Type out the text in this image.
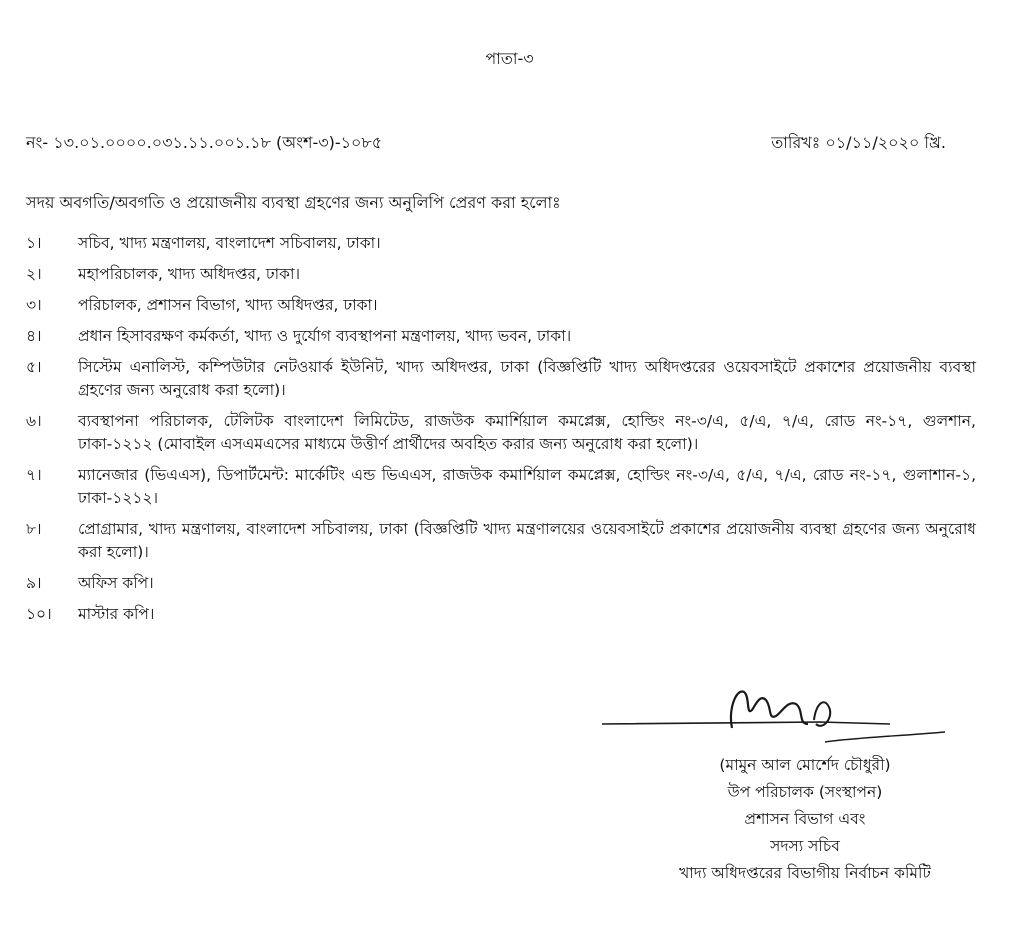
পাতা-৩
নং- ১৩.০১.০০০০.০৩১.১১.০০১.১৮ (অংশ-৩)-১০৮৫	তারিখঃ ০১/১১/২০২০ খ্রি.
সদয় অবগতি/অবগতি ও প্রয়োজনীয় ব্যবস্থা গ্রহণের জন্য অনুলিপি প্রেরণ করা হলোঃ
১।	সচিব, খাদ্য মন্ত্রণালয়, বাংলাদেশ সচিবালয়, ঢাকা।
২।	মহাপরিচালক, খাদ্য অধিদপ্তর, ঢাকা।
৩।	পরিচালক, প্রশাসন বিভাগ, খাদ্য অধিদপ্তর, ঢাকা।
৪।	প্রধান হিসাবরক্ষণ কর্মকর্তা, খাদ্য ও দুর্যোগ ব্যবস্থাপনা মন্ত্রণালয়, খাদ্য ভবন, ঢাকা।
৫।	সিস্টেম এনালিস্ট, কম্পিউটার নেটওয়ার্ক ইউনিট, খাদ্য অধিদপ্তর, ঢাকা (বিজ্ঞপ্তিটি খাদ্য অধিদপ্তরের ওয়েবসাইটে প্রকাশের প্রয়োজনীয় ব্যবস্থা গ্রহণের জন্য অনুরোধ করা হলো)।
৬।	ব্যবস্থাপনা পরিচালক, টেলিটক বাংলাদেশ লিমিটেড, রাজউক কমার্শিয়াল কমপ্লেক্স, হোল্ডিং নং-৩/এ, ৫/এ, ৭/এ, রোড নং-১৭, গুলশান, ঢাকা-১২১২ (মোবাইল এসএমএসের মাধ্যমে উত্তীর্ণ প্রার্থীদের অবহিত করার জন্য অনুরোধ করা হলো)।
৭।	ম্যানেজার (ভিএএস), ডিপার্টমেন্ট: মার্কেটিং এন্ড ভিএএস, রাজউক কমার্শিয়াল কমপ্লেক্স, হোল্ডিং নং-৩/এ, ৫/এ, ৭/এ, রোড নং-১৭, গুলাশান-১, ঢাকা-১২১২।
৮।	প্রোগ্রামার, খাদ্য মন্ত্রণালয়, বাংলাদেশ সচিবালয়, ঢাকা (বিজ্ঞপ্তিটি খাদ্য মন্ত্রণালয়ের ওয়েবসাইটে প্রকাশের প্রয়োজনীয় ব্যবস্থা গ্রহণের জন্য অনুরোধ করা হলো)।
৯।	অফিস কপি।
১০।	মাস্টার কপি।
(মামুন আল মোর্শেদ চৌধুরী)
উপ পরিচালক (সংস্থাপন)
প্রশাসন বিভাগ এবং
সদস্য সচিব
খাদ্য অধিদপ্তরের বিভাগীয় নির্বাচন কমিটি
